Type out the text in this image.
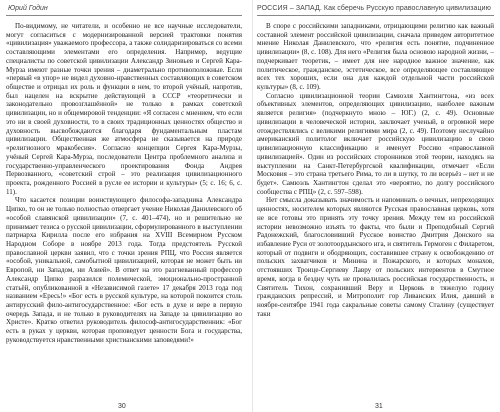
Юрий Годин

По-видимому, не читатели, и особенно не все научные исследователи, могут согласиться с модернизированной версией трактовки понятия «цивилизация» уважаемого профессора, а также солидаризироваться со всеми составляющими элементами его определения. Например, ведущие специалисты по советской цивилизации Александр Зиновьев и Сергей Кара-Мурза имеют разные точки зрения – диаметрально противоположные. Если «первый «в упор» не видел духовно-нравственных составляющих в советском обществе и отрицал их роль и функции в нем, то второй учёный, напротив, был нацелен на вскрытие действующей в СССР «теоретически и законодательно провозглашённой» не только в рамках советской цивилизации, но и общемировой тенденции: «Я согласен с мнением, что если это ни в своей духовности, то в своих традиционных ценностях общество и духовность высвобождаются благодаря фундаментальным пластам цивилизации. Общественная же атмосфера не сказывается на природе «религиозного мракобесия». Согласно концепции Сергея Кара-Мурзы, учёный Сергей Кара-Мурза, последователи Центра проблемного анализа и государственно-управленческого проектирования Фонда Андрея Первозванного, «советский строй – это реализация цивилизационного проекта, рожденного Россией в русле ее истории и культуры» (5; с. 16; 6, с. 11).

Что касается позиции воинствующего философа-западника Александра Ципко, то он не только полностью отвергает учение Николая Данилевского об «особой славянской цивилизации» (7, с. 401–474), но и решительно не принимает тезиса о русской цивилизации, сформулированного в выступлении патриарха Кирилла после его избрания на XVIII Всемирном Русском Народном Соборе в ноябре 2013 года. Тогда предстоятель Русской православной церкви заявил, что с точки зрения РПЦ, что Россия является «особой, уникальной, самобытной цивилизацией, которая не может быть ни Европой, ни Западом, ни Азией». В ответ на это разгневанный профессор Александр Ципко разразился полемической, эмоционально-пространной статьёй, опубликованной в «Независимой газете» 17 декабря 2013 года под названием «Ересь!» «Бог есть в русской культуре, на которой покоится столь антирусский фило-антигосударственное: «Бог есть в духе и вере в первую очередь Запада, и не только в руководителях на Западе за цивилизацию во Христе». Кратко ответил руководитель философ-антигосударственник: «Бог есть в руках у церкви, которая проповедует ценности Бога и государства, руководствуется нравственными христианскими заповедями!»

30
РОССИЯ – ЗАПАД. Как сберечь Русскую православную цивилизацию

В споре с российскими западниками, отрицающими религию как важный составной элемент российской цивилизации, сначала приведем авторитетное мнение Николая Данилевского, что «религия есть понятие, подчиненное цивилизации» (8, с. 108). Для него «Религия была основою народной жизни, – подчеркивает теоретик, – имеет для нее народное важное значение, как политическое, гражданское, эстетическое, все определяющее составляющее всех тех хороших, если она для каждой отдельной части российской культуры» (8, с. 109).

Согласно цивилизационной теории Самюэля Хантингтона, «из всех объективных элементов, определяющих цивилизацию, наиболее важным является религия» (подчеркнуто мною – ЮГ.) (2, с. 49). Основные цивилизации в человеческой истории, заключает ученый, в огромной мере отождествлялись с великими религиями мира (2, с. 49). Поэтому неслучайно американский политолог включает российскую цивилизацию в свою цивилизационную классификацию и именует Россию «православной цивилизацией». Один из российских сторонников этой теории, находясь на выступлении на Санкт-Петербургской квалификации, отмечает «Если Московия – это страна третьего Рима, то ли в шутку, то ли всерьёз – нет и не будет». Самюэль Хантингтон сделал это «вероятно, по долгу российского сообщества с РПЦ» (2, с. 597–598).

Нет смысла доказывать значимость и напоминать о вечных, непреходящих ценностях, носителем которых являются Русская православная церковь, хотя не все готовы это принять эту точку зрения. Между тем из российской истории невозможно изъять то факты, что были и Преподобный Сергий Радонежский, благословивший Русское воинство Дмитрия Донского на избавление Руси от золотоордынского ига, и святитель Гермоген с Филаретом, который от подвиги и ободряющих, составившее страну к освобождению от польских захватчиков и Минина и Пожарского, и которых монахов, отстоявших Троице-Сергиеву Лавру от польских интервентов в Смутное время, когда в бездну чуть не провалилась российская государственность, и Святитель Тихон, сохранивший Веру и Церковь в тяжелую годину гражданских репрессий, и Митрополит гор Ливанских Илия, давший в ноябре-сентябре 1941 года сакральные советы самому Сталину (существует таки

31
